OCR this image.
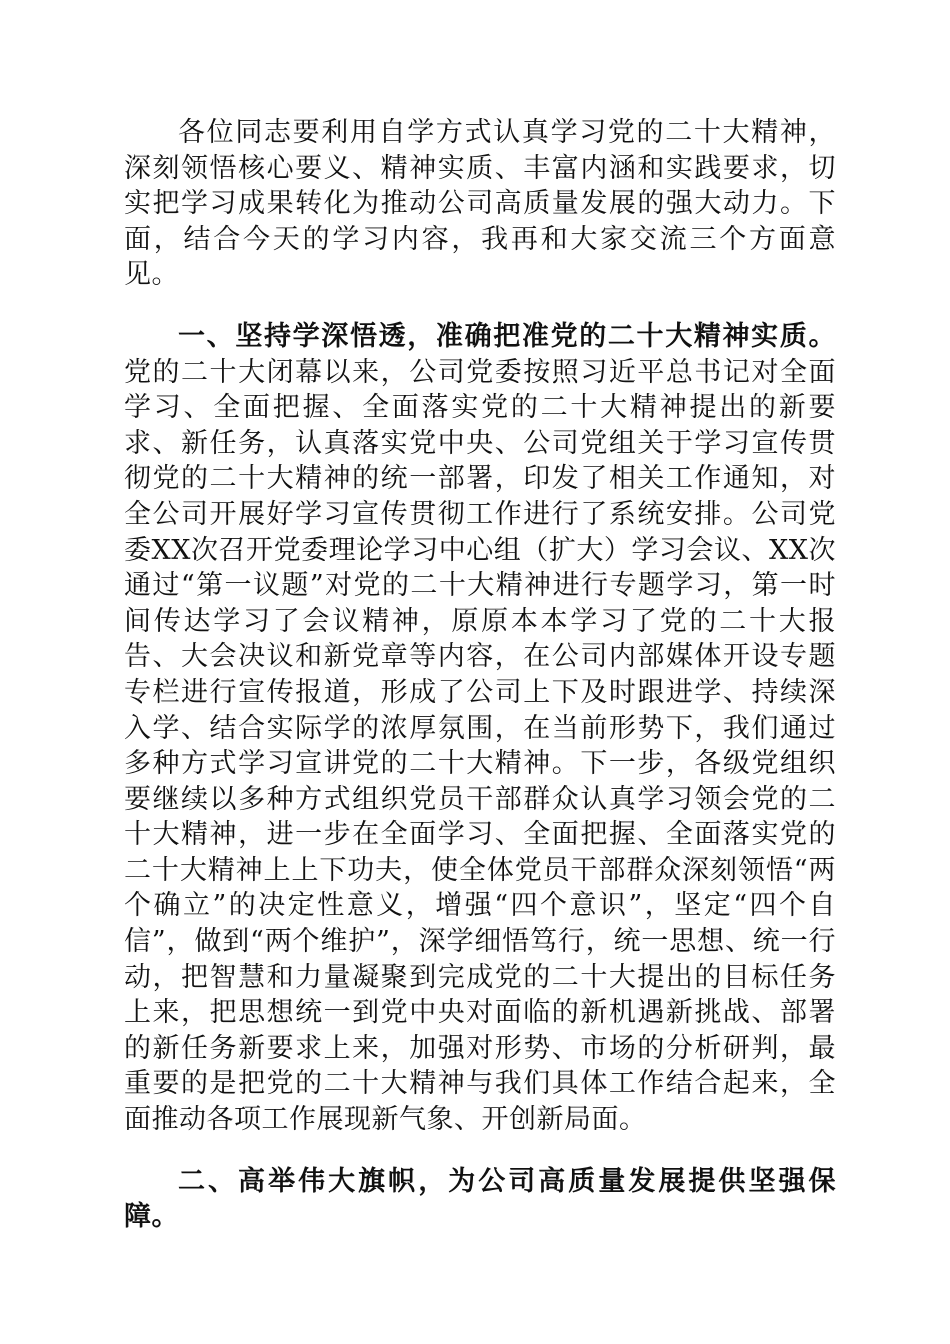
各位同志要利用自学方式认真学习党的二十大精神，深刻领悟核心要义、精神实质、丰富内涵和实践要求，切实把学习成果转化为推动公司高质量发展的强大动力。下面，结合今天的学习内容，我再和大家交流三个方面意见。

一、坚持学深悟透，准确把准党的二十大精神实质。党的二十大闭幕以来，公司党委按照习近平总书记对全面学习、全面把握、全面落实党的二十大精神提出的新要求、新任务，认真落实党中央、公司党组关于学习宣传贯彻党的二十大精神的统一部署，印发了相关工作通知，对全公司开展好学习宣传贯彻工作进行了系统安排。公司党委XX次召开党委理论学习中心组（扩大）学习会议、XX次通过“第一议题”对党的二十大精神进行专题学习，第一时间传达学习了会议精神，原原本本学习了党的二十大报告、大会决议和新党章等内容，在公司内部媒体开设专题专栏进行宣传报道，形成了公司上下及时跟进学、持续深入学、结合实际学的浓厚氛围，在当前形势下，我们通过多种方式学习宣讲党的二十大精神。下一步，各级党组织要继续以多种方式组织党员干部群众认真学习领会党的二十大精神，进一步在全面学习、全面把握、全面落实党的二十大精神上上下功夫，使全体党员干部群众深刻领悟“两个确立”的决定性意义，增强“四个意识”，坚定“四个自信”，做到“两个维护”，深学细悟笃行，统一思想、统一行动，把智慧和力量凝聚到完成党的二十大提出的目标任务上来，把思想统一到党中央对面临的新机遇新挑战、部署的新任务新要求上来，加强对形势、市场的分析研判，最重要的是把党的二十大精神与我们具体工作结合起来，全面推动各项工作展现新气象、开创新局面。

二、高举伟大旗帜，为公司高质量发展提供坚强保障。
